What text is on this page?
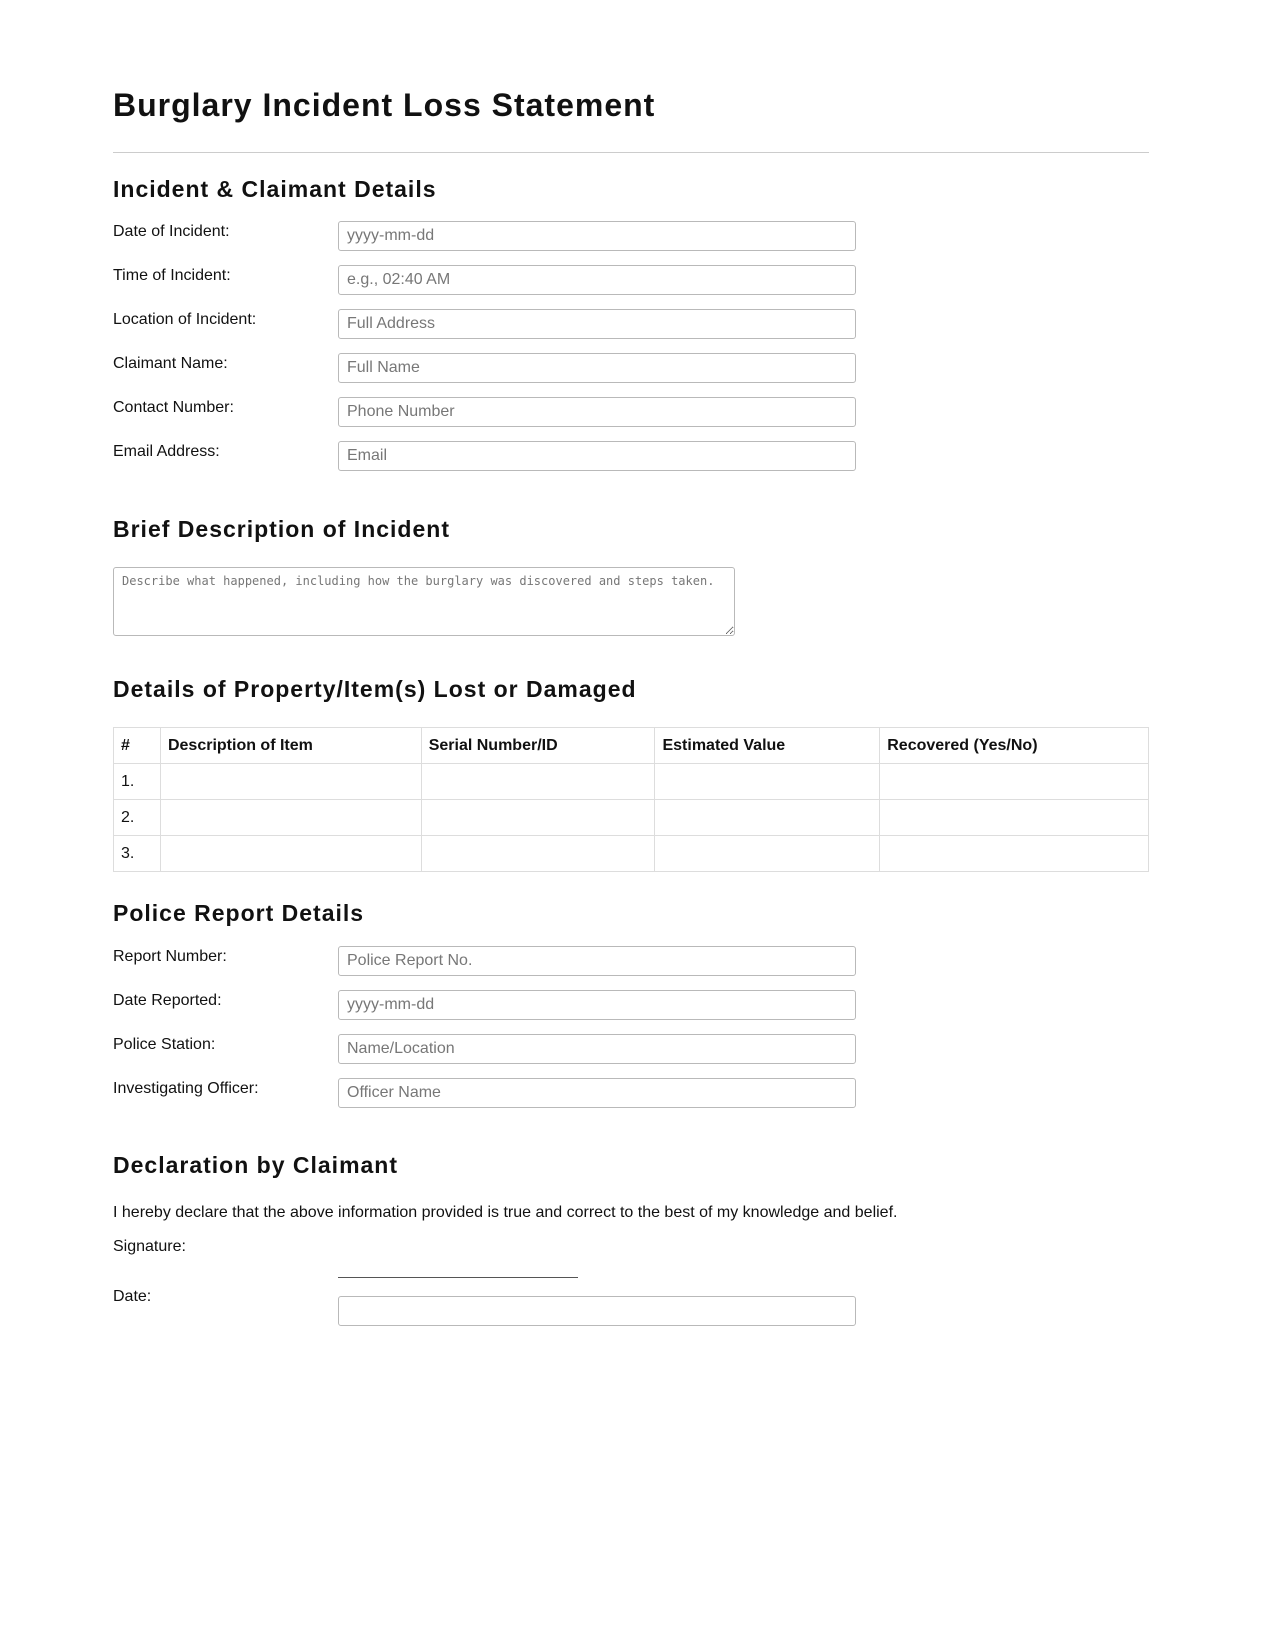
Burglary Incident Loss Statement
Incident & Claimant Details
Date of Incident:
yyyy-mm-dd
Time of Incident:
e.g., 02:40 AM
Location of Incident:
Full Address
Claimant Name:
Full Name
Contact Number:
Phone Number
Email Address:
Email
Brief Description of Incident
Describe what happened, including how the burglary was discovered and steps taken.
Details of Property/Item(s) Lost or Damaged
#	Description of Item	Serial Number/ID	Estimated Value	Recovered (Yes/No)
1.				
2.				
3.				
Police Report Details
Report Number:
Police Report No.
Date Reported:
yyyy-mm-dd
Police Station:
Name/Location
Investigating Officer:
Officer Name
Declaration by Claimant
I hereby declare that the above information provided is true and correct to the best of my knowledge and belief.
Signature:
Date:
